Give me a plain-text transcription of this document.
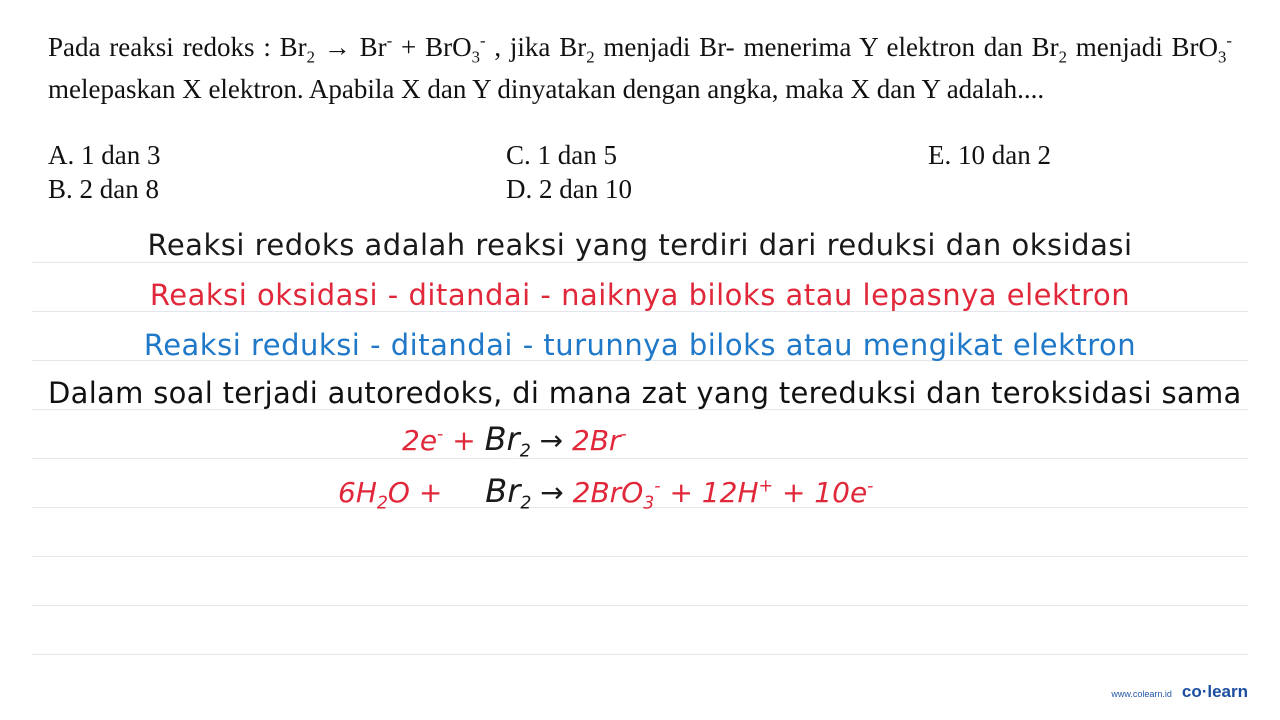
Pada reaksi redoks : $Br_2 \to Br^- + BrO_3^-$ , jika $Br_2$ menjadi Br- menerima Y elektron dan $Br_2$ menjadi BrO$_3$- melepaskan X elektron. Apabila X dan Y dinyatakan dengan angka, maka X dan Y adalah....

A. 1 dan 3
B. 2 dan 8
C. 1 dan 5
D. 2 dan 10
E. 10 dan 2
Reaksi redoks adalah reaksi yang terdiri dari reduksi dan oksidasi
Reaksi oksidasi - ditandai - naiknya biloks atau lepasnya elektron
Reaksi reduksi - ditandai - turunnya biloks atau mengikat elektron
Dalam soal terjadi autoredoks, di mana zat yang tereduksi dan teroksidasi sama
$2e^- + Br_2 \to 2Br^-$
$6H_2O + Br_2 \to 2BrO_3^- + 12H^+ + 10e^-$
www.colearn.id co·learn
